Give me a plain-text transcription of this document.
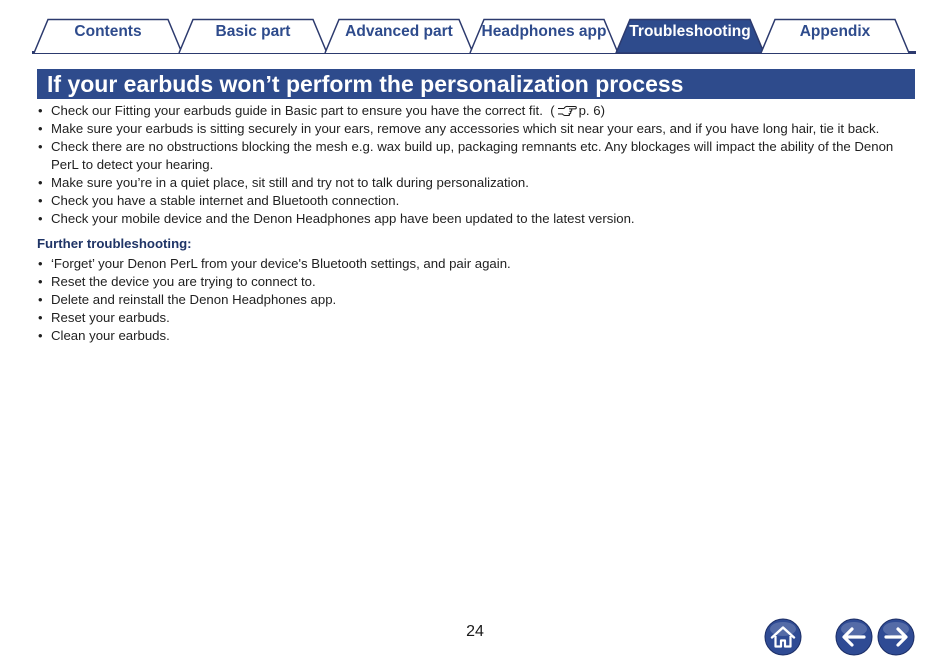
Contents	Basic part	Advanced part	Headphones app	Troubleshooting	Appendix
If your earbuds won’t perform the personalization process
• Check our Fitting your earbuds guide in Basic part to ensure you have the correct fit. ( p. 6)
• Make sure your earbuds is sitting securely in your ears, remove any accessories which sit near your ears, and if you have long hair, tie it back.
• Check there are no obstructions blocking the mesh e.g. wax build up, packaging remnants etc. Any blockages will impact the ability of the Denon PerL to detect your hearing.
• Make sure you’re in a quiet place, sit still and try not to talk during personalization.
• Check you have a stable internet and Bluetooth connection.
• Check your mobile device and the Denon Headphones app have been updated to the latest version.
Further troubleshooting:
• ‘Forget’ your Denon PerL from your device's Bluetooth settings, and pair again.
• Reset the device you are trying to connect to.
• Delete and reinstall the Denon Headphones app.
• Reset your earbuds.
• Clean your earbuds.
24
